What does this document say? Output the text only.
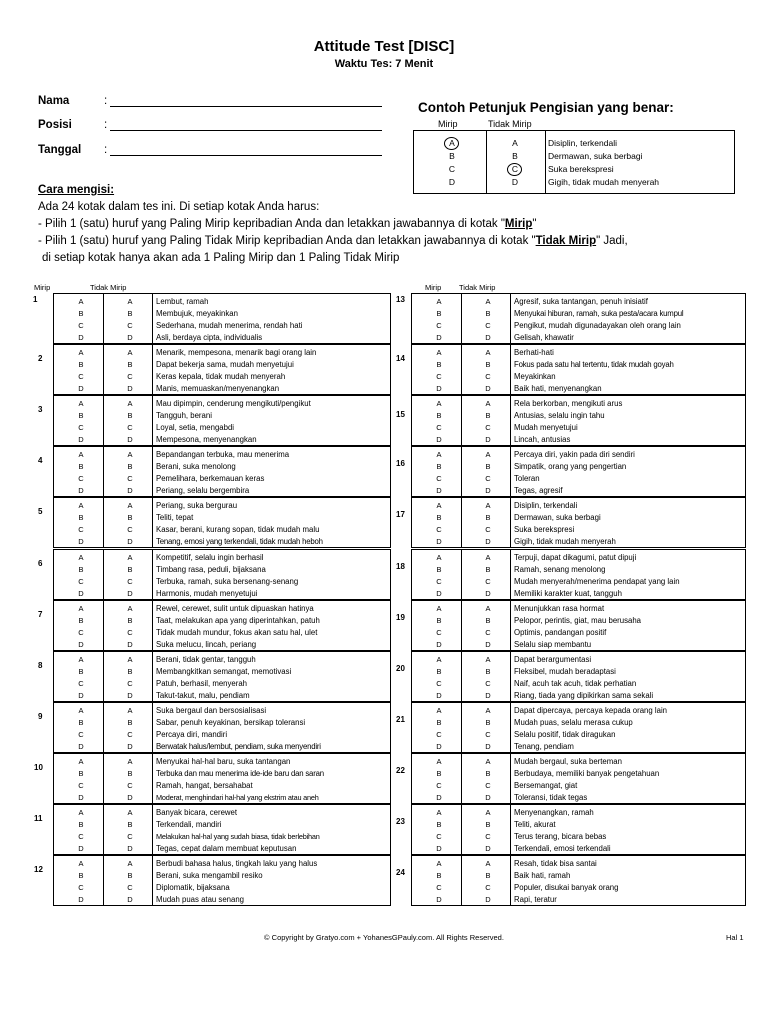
Attitude Test [DISC]
Waktu Tes: 7 Menit
Nama	:
Posisi	:
Tanggal :
Contoh Petunjuk Pengisian yang benar:
Mirip	Tidak Mirip
A	A	Disiplin, terkendali
B	B	Dermawan, suka berbagi
C	C	Suka berekspresi
D	D	Gigih, tidak mudah menyerah
Cara mengisi:
Ada 24 kotak dalam tes ini. Di setiap kotak Anda harus:
- Pilih 1 (satu) huruf yang Paling Mirip kepribadian Anda dan letakkan jawabannya di kotak "Mirip"
- Pilih 1 (satu) huruf yang Paling Tidak Mirip kepribadian Anda dan letakkan jawabannya di kotak "Tidak Mirip" Jadi,
di setiap kotak hanya akan ada 1 Paling Mirip dan 1 Paling Tidak Mirip
Mirip	Tidak Mirip	Mirip Tidak Mirip
1	A	A	Lembut, ramah
B	B	Membujuk, meyakinkan
C	C	Sederhana, mudah menerima, rendah hati
D	D	Asli, berdaya cipta, individualis
2
A	A	Menarik, mempesona, menarik bagi orang lain
B	B	Dapat bekerja sama, mudah menyetujui
C	C	Keras kepala, tidak mudah menyerah
D	D	Manis, memuaskan/menyenangkan
3
A	A	Mau dipimpin, cenderung mengikuti/pengikut
B	B	Tangguh, berani
C	C	Loyal, setia, mengabdi
D	D	Mempesona, menyenangkan
4
A	A	Bepandangan terbuka, mau menerima
B	B	Berani, suka menolong
C	C	Pemelihara, berkemauan keras
D	D	Periang, selalu bergembira
5
A	A	Periang, suka bergurau
B	B	Teliti, tepat
C	C	Kasar, berani, kurang sopan, tidak mudah malu
D	D	Tenang, emosi yang terkendali, tidak mudah heboh
6
A	A	Kompetitif, selalu ingin berhasil
B	B	Timbang rasa, peduli, bijaksana
C	C	Terbuka, ramah, suka bersenang-senang
D	D	Harmonis, mudah menyetujui
7
A	A	Rewel, cerewet, sulit untuk dipuaskan hatinya
B	B	Taat, melakukan apa yang diperintahkan, patuh
C	C	Tidak mudah mundur, fokus akan satu hal, ulet
D	D	Suka melucu, lincah, periang
8
A	A	Berani, tidak gentar, tangguh
B	B	Membangkitkan semangat, memotivasi
C	C	Patuh, berhasil, menyerah
D	D	Takut-takut, malu, pendiam
9
A	A	Suka bergaul dan bersosialisasi
B	B	Sabar, penuh keyakinan, bersikap toleransi
C	C	Percaya diri, mandiri
D	D	Berwatak halus/lembut, pendiam, suka menyendiri
10
A	A	Menyukai hal-hal baru, suka tantangan
B	B	Terbuka dan mau menerima ide-ide baru dan saran
C	C	Ramah, hangat, bersahabat
D	D	Moderat, menghindari hal-hal yang ekstrim atau aneh
11
A	A	Banyak bicara, cerewet
B	B	Terkendali, mandiri
C	C	Melakukan hal-hal yang sudah biasa, tidak berlebihan
D	D	Tegas, cepat dalam membuat keputusan
12
A	A	Berbudi bahasa halus, tingkah laku yang halus
B	B	Berani, suka mengambil resiko
C	C	Diplomatik, bijaksana
D	D	Mudah puas atau senang
13	A	A	Agresif, suka tantangan, penuh inisiatif
B	B	Menyukai hiburan, ramah, suka pesta/acara kumpul
C	C	Pengikut, mudah digunadayakan oleh orang lain
D	D	Gelisah, khawatir
14
A	A	Berhati-hati
B	B	Fokus pada satu hal tertentu, tidak mudah goyah
C	C	Meyakinkan
D	D	Baik hati, menyenangkan
15
A	A	Rela berkorban, mengikuti arus
B	B	Antusias, selalu ingin tahu
C	C	Mudah menyetujui
D	D	Lincah, antusias
16
A	A	Percaya diri, yakin pada diri sendiri
B	B	Simpatik, orang yang pengertian
C	C	Toleran
D	D	Tegas, agresif
17
A	A	Disiplin, terkendali
B	B	Dermawan, suka berbagi
C	C	Suka berekspresi
D	D	Gigih, tidak mudah menyerah
18
A	A	Terpuji, dapat dikagumi, patut dipuji
B	B	Ramah, senang menolong
C	C	Mudah menyerah/menerima pendapat yang lain
D	D	Memiliki karakter kuat, tangguh
19
A	A	Menunjukkan rasa hormat
B	B	Pelopor, perintis, giat, mau berusaha
C	C	Optimis, pandangan positif
D	D	Selalu siap membantu
20
A	A	Dapat berargumentasi
B	B	Fleksibel, mudah beradaptasi
C	C	Naif, acuh tak acuh, tidak perhatian
D	D	Riang, tiada yang dipikirkan sama sekali
21
A	A	Dapat dipercaya, percaya kepada orang lain
B	B	Mudah puas, selalu merasa cukup
C	C	Selalu positif, tidak diragukan
D	D	Tenang, pendiam
22
A	A	Mudah bergaul, suka berteman
B	B	Berbudaya, memiliki banyak pengetahuan
C	C	Bersemangat, giat
D	D	Toleransi, tidak tegas
23
A	A	Menyenangkan, ramah
B	B	Teliti, akurat
C	C	Terus terang, bicara bebas
D	D	Terkendali, emosi terkendali
24
A	A	Resah, tidak bisa santai
B	B	Baik hati, ramah
C	C	Populer, disukai banyak orang
D	D	Rapi, teratur
© Copyright by Gratyo.com + YohanesGPauly.com. All Rights Reserved.	Hal 1
